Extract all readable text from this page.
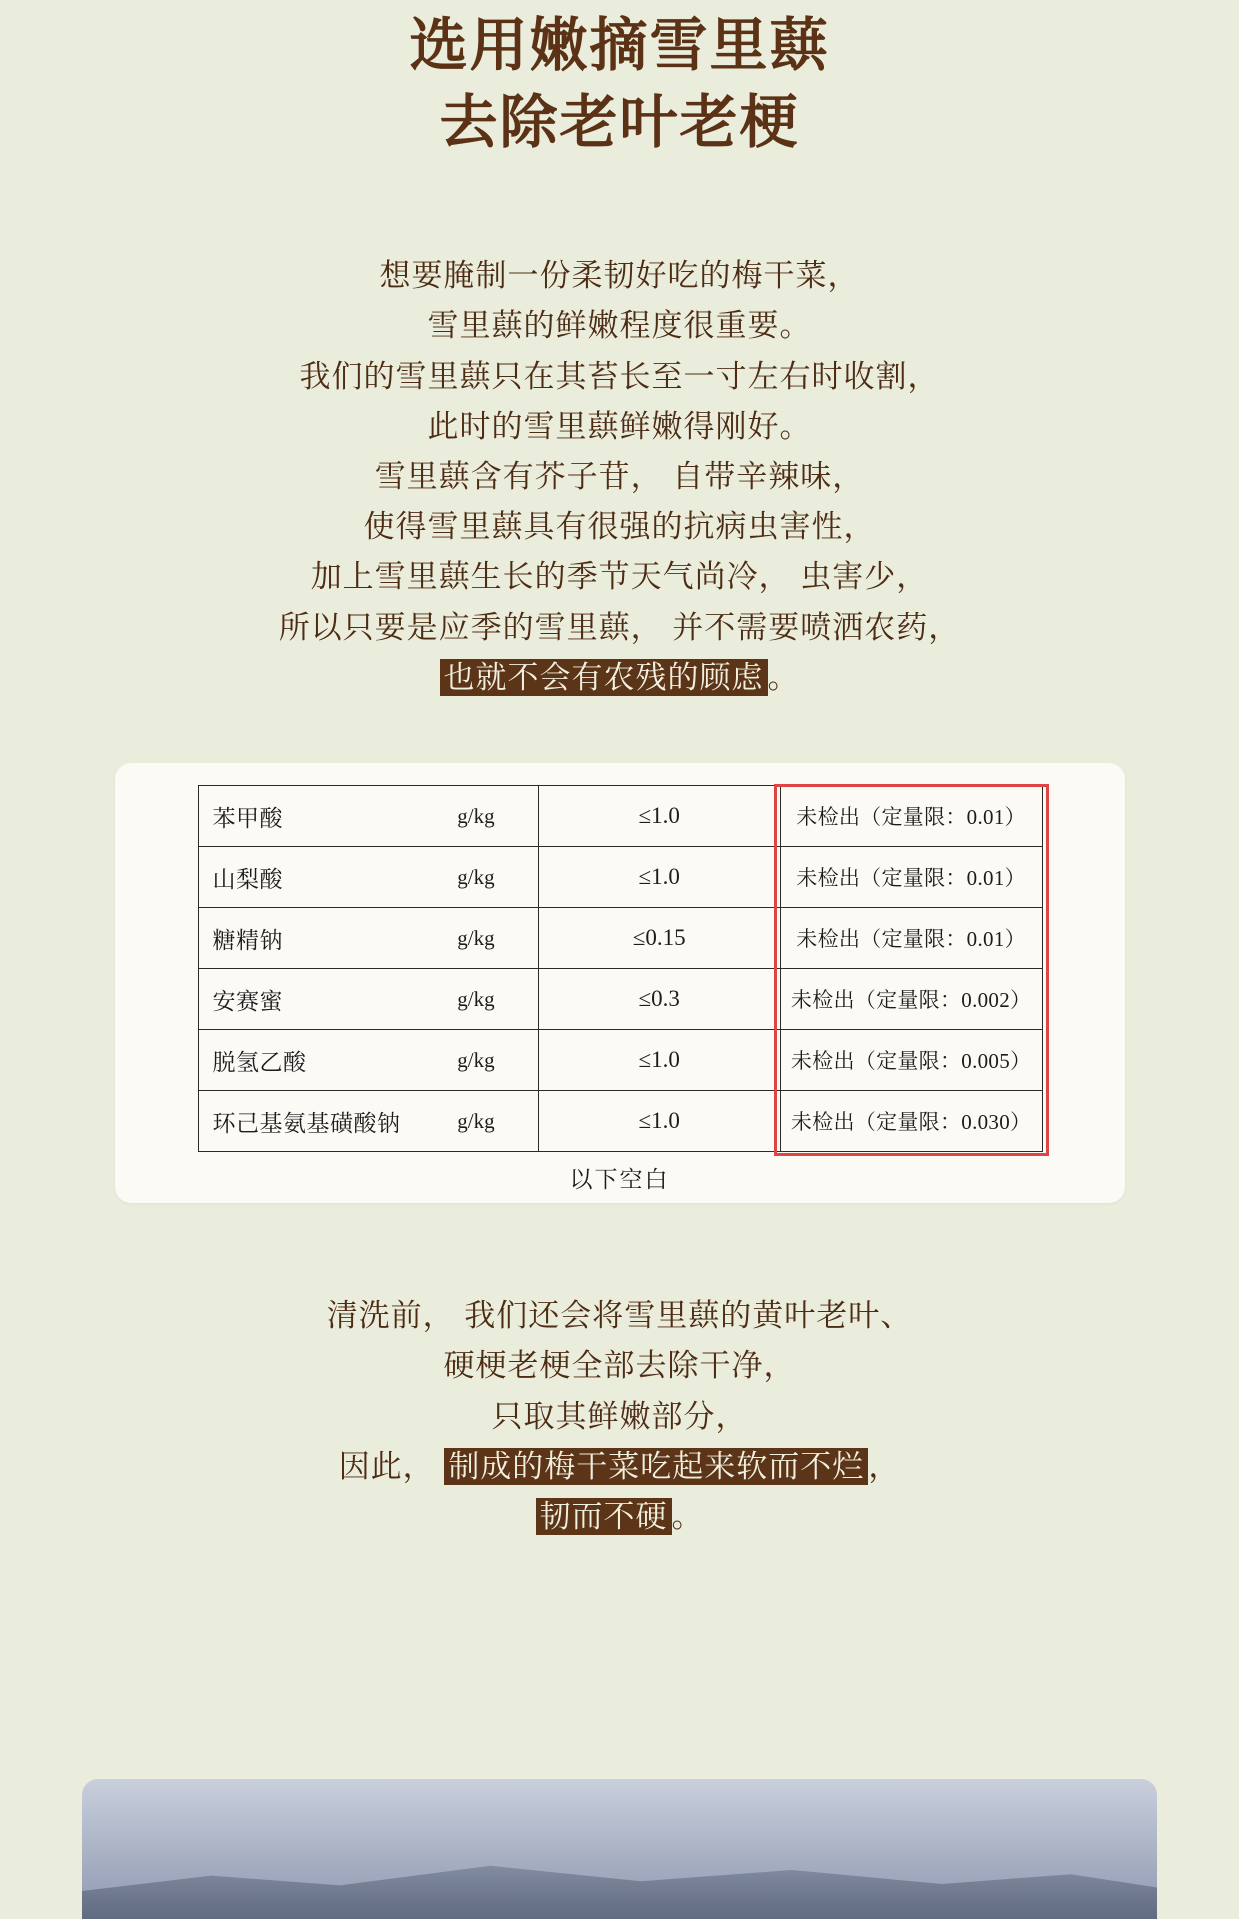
选用嫩摘雪里蕻
去除老叶老梗
想要腌制一份柔韧好吃的梅干菜，
雪里蕻的鲜嫩程度很重要。
我们的雪里蕻只在其苔长至一寸左右时收割，
此时的雪里蕻鲜嫩得刚好。
雪里蕻含有芥子苷， 自带辛辣味，
使得雪里蕻具有很强的抗病虫害性，
加上雪里蕻生长的季节天气尚冷， 虫害少，
所以只要是应季的雪里蕻， 并不需要喷洒农药，
也就不会有农残的顾虑 。
苯甲酸	g/kg	≤1.0	未检出（定量限：0.01）
山梨酸	g/kg	≤1.0	未检出（定量限：0.01）
糖精钠	g/kg	≤0.15	未检出（定量限：0.01）
安赛蜜	g/kg	≤0.3	未检出（定量限：0.002）
脱氢乙酸	g/kg	≤1.0	未检出（定量限：0.005）
环己基氨基磺酸钠	g/kg	≤1.0	未检出（定量限：0.030）
以下空白
清洗前， 我们还会将雪里蕻的黄叶老叶、
硬梗老梗全部去除干净，
只取其鲜嫩部分，
因此， 制成的梅干菜吃起来软而不烂 ，
韧而不硬 。
